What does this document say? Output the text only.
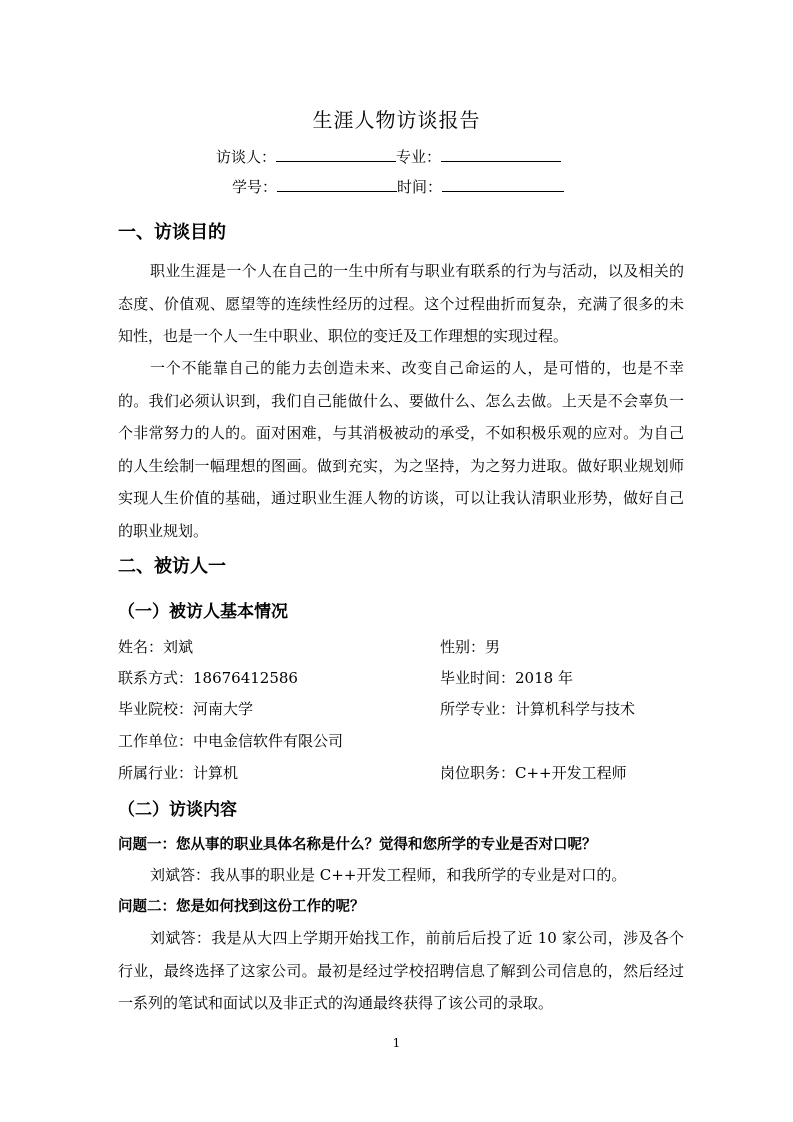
生涯人物访谈报告
访谈人：	专业：
学号：	时间：
一、访谈目的
职业生涯是一个人在自己的一生中所有与职业有联系的行为与活动，以及相关的态度、价值观、愿望等的连续性经历的过程。这个过程曲折而复杂，充满了很多的未知性，也是一个人一生中职业、职位的变迁及工作理想的实现过程。
一个不能靠自己的能力去创造未来、改变自己命运的人，是可惜的，也是不幸的。我们必须认识到，我们自己能做什么、要做什么、怎么去做。上天是不会辜负一个非常努力的人的。面对困难，与其消极被动的承受，不如积极乐观的应对。为自己的人生绘制一幅理想的图画。做到充实，为之坚持，为之努力进取。做好职业规划师实现人生价值的基础，通过职业生涯人物的访谈，可以让我认清职业形势，做好自己的职业规划。
二、被访人一
（一）被访人基本情况
姓名：刘斌	性别：男
联系方式：18676412586	毕业时间：2018 年
毕业院校：河南大学	所学专业：计算机科学与技术
工作单位：中电金信软件有限公司
所属行业：计算机	岗位职务：C++开发工程师
（二）访谈内容
问题一：您从事的职业具体名称是什么？觉得和您所学的专业是否对口呢？
刘斌答：我从事的职业是 C++开发工程师，和我所学的专业是对口的。
问题二：您是如何找到这份工作的呢？
刘斌答：我是从大四上学期开始找工作，前前后后投了近 10 家公司，涉及各个行业，最终选择了这家公司。最初是经过学校招聘信息了解到公司信息的，然后经过一系列的笔试和面试以及非正式的沟通最终获得了该公司的录取。
1
